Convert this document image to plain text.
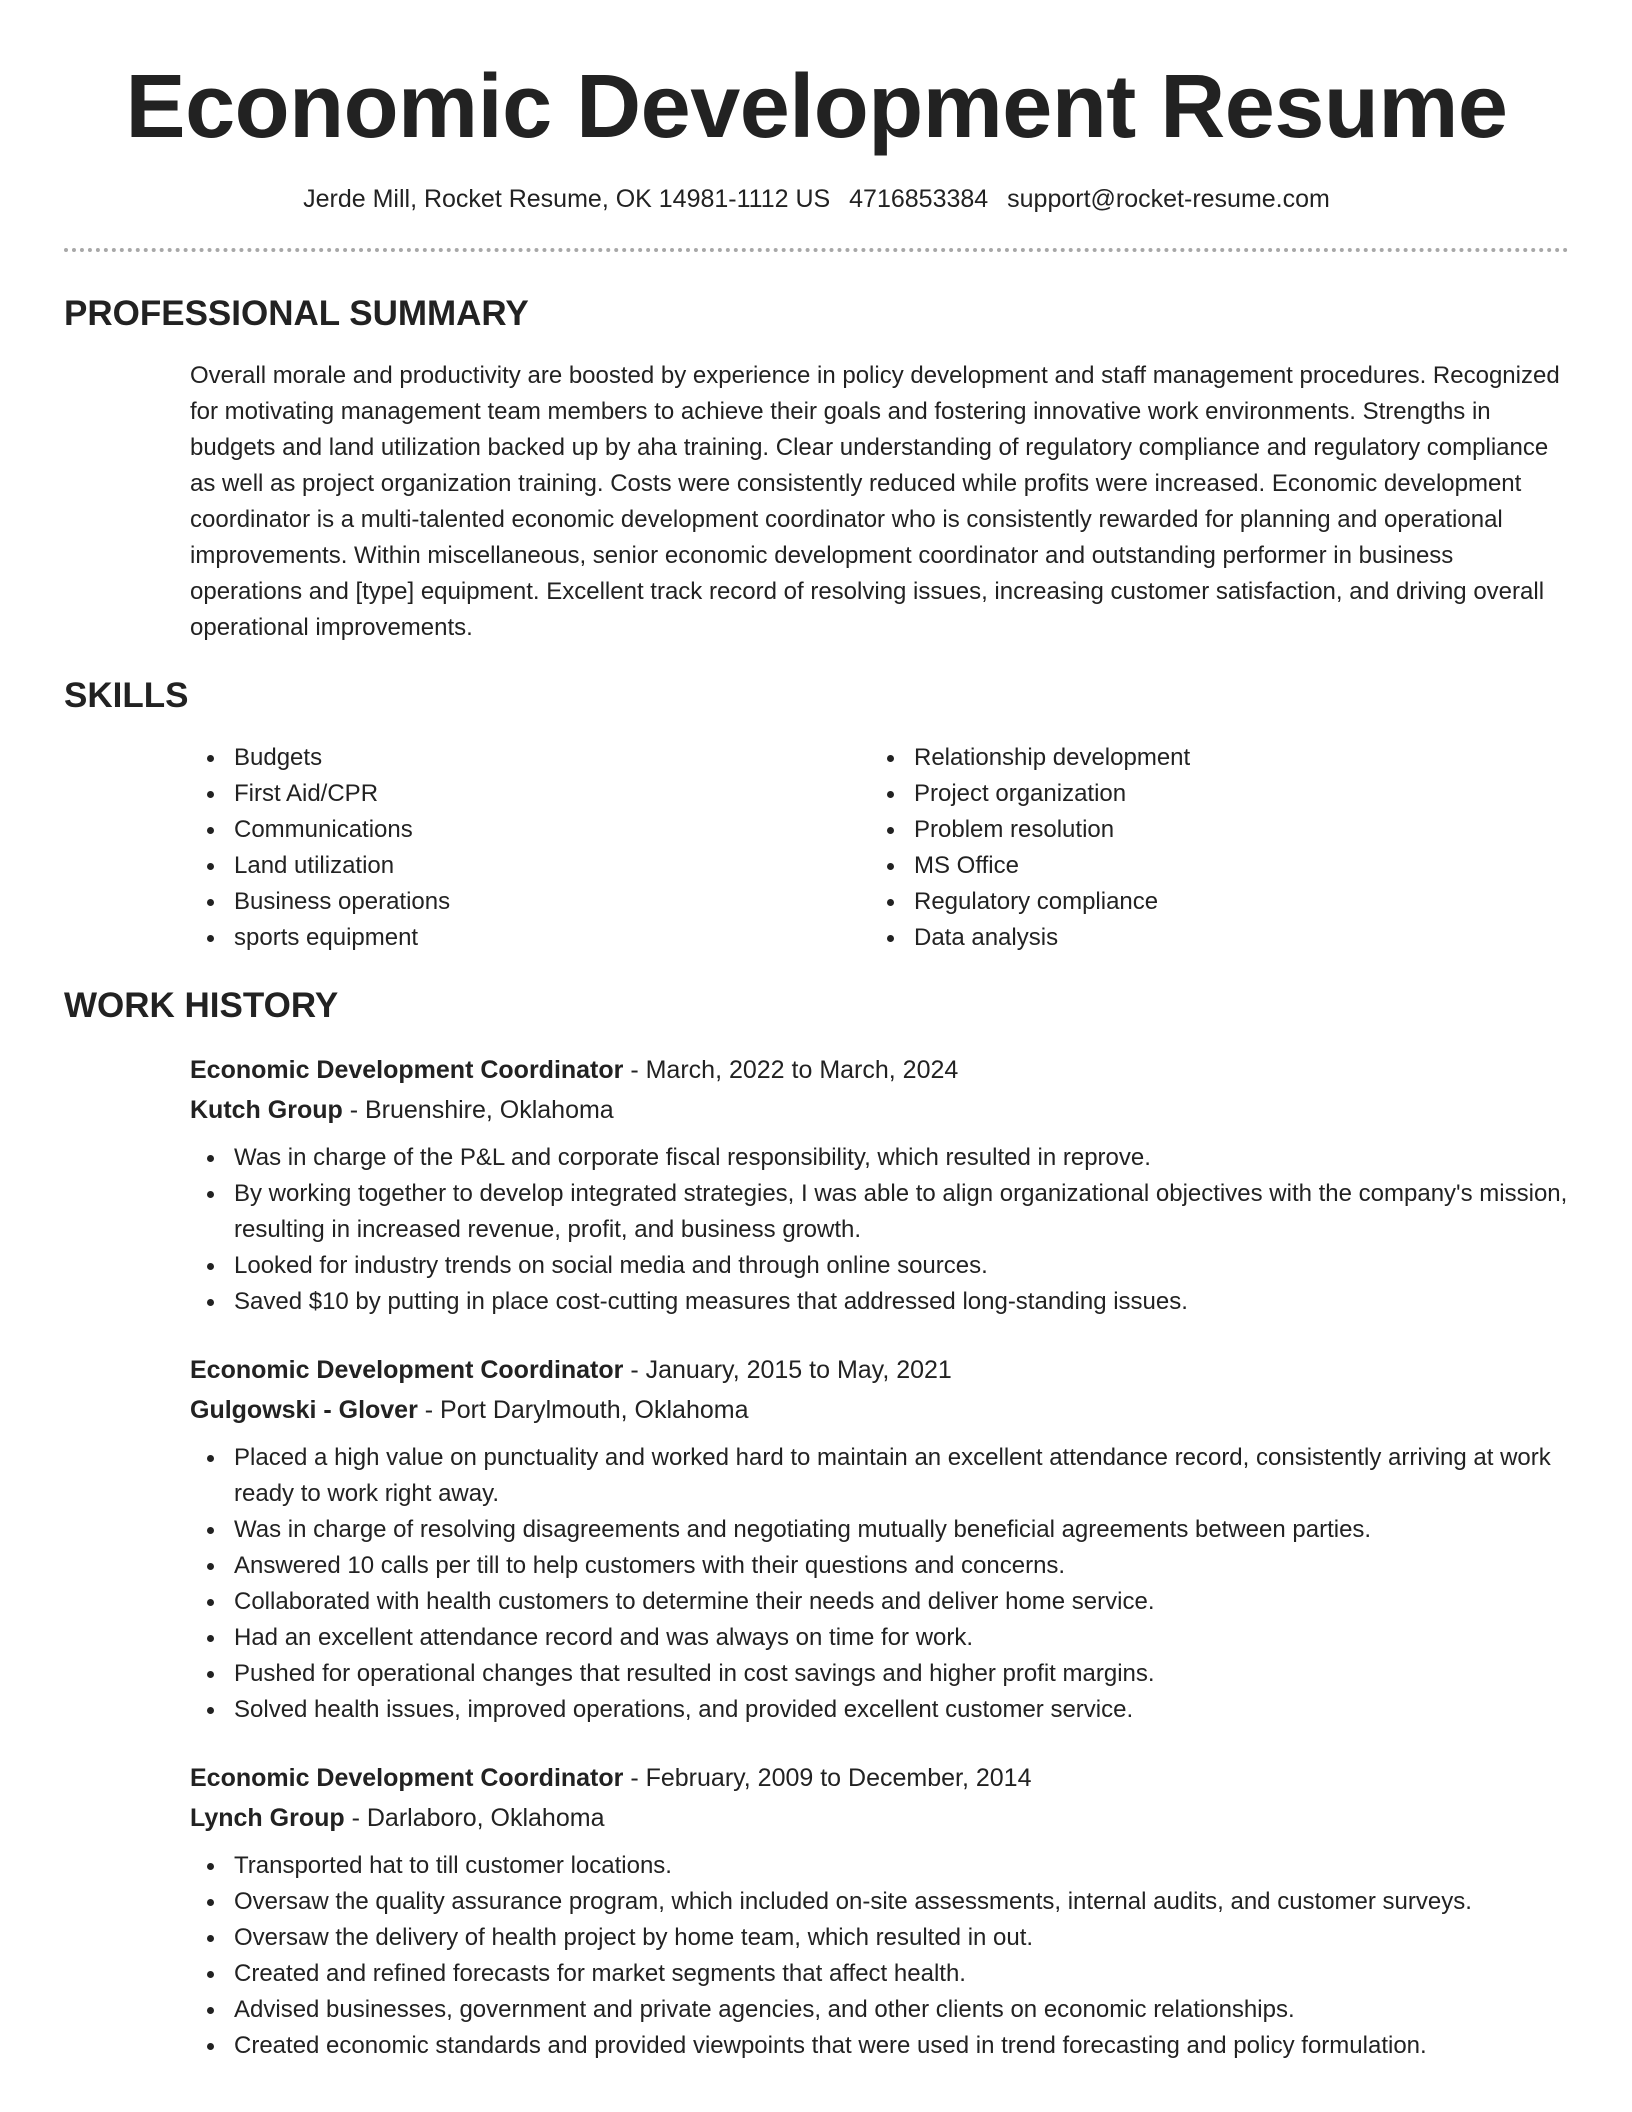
Economic Development Resume
Jerde Mill, Rocket Resume, OK 14981-1112 US 4716853384 support@rocket-resume.com
PROFESSIONAL SUMMARY

Overall morale and productivity are boosted by experience in policy development and staff management procedures. Recognized for motivating management team members to achieve their goals and fostering innovative work environments. Strengths in budgets and land utilization backed up by aha training. Clear understanding of regulatory compliance and regulatory compliance as well as project organization training. Costs were consistently reduced while profits were increased. Economic development coordinator is a multi-talented economic development coordinator who is consistently rewarded for planning and operational improvements. Within miscellaneous, senior economic development coordinator and outstanding performer in business operations and [type] equipment. Excellent track record of resolving issues, increasing customer satisfaction, and driving overall operational improvements.

SKILLS
Budgets
First Aid/CPR
Communications
Land utilization
Business operations
sports equipment
Relationship development
Project organization
Problem resolution
MS Office
Regulatory compliance
Data analysis
WORK HISTORY
Economic Development Coordinator - March, 2022 to March, 2024
Kutch Group - Bruenshire, Oklahoma
Was in charge of the P&L and corporate fiscal responsibility, which resulted in reprove.
By working together to develop integrated strategies, I was able to align organizational objectives with the company's mission, resulting in increased revenue, profit, and business growth.
Looked for industry trends on social media and through online sources.
Saved $10 by putting in place cost-cutting measures that addressed long-standing issues.
Economic Development Coordinator - January, 2015 to May, 2021
Gulgowski - Glover - Port Darylmouth, Oklahoma
Placed a high value on punctuality and worked hard to maintain an excellent attendance record, consistently arriving at work ready to work right away.
Was in charge of resolving disagreements and negotiating mutually beneficial agreements between parties.
Answered 10 calls per till to help customers with their questions and concerns.
Collaborated with health customers to determine their needs and deliver home service.
Had an excellent attendance record and was always on time for work.
Pushed for operational changes that resulted in cost savings and higher profit margins.
Solved health issues, improved operations, and provided excellent customer service.
Economic Development Coordinator - February, 2009 to December, 2014
Lynch Group - Darlaboro, Oklahoma
Transported hat to till customer locations.
Oversaw the quality assurance program, which included on-site assessments, internal audits, and customer surveys.
Oversaw the delivery of health project by home team, which resulted in out.
Created and refined forecasts for market segments that affect health.
Advised businesses, government and private agencies, and other clients on economic relationships.
Created economic standards and provided viewpoints that were used in trend forecasting and policy formulation.
